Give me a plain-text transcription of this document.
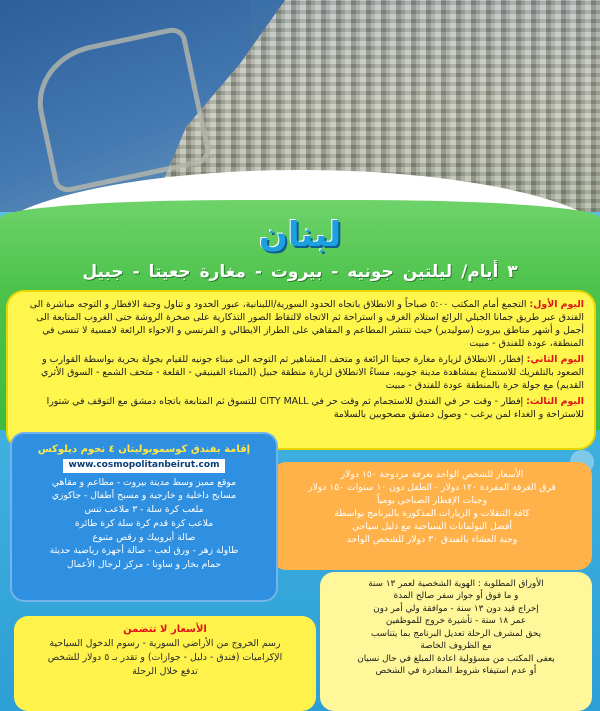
لبنان
٣ أيام/ ليلتين جونيه - بيروت - مغارة جعيتا - جبيل

اليوم الأول: التجمع أمام المكتب ٥:٠٠ صباحاً و الانطلاق باتجاه الحدود السورية/اللبنانية، عبور الحدود و تناول وجبة الافطار و التوجه مباشرة الى الفندق عبر طريق جمانا الجبلي الرائع استلام الغرف و استراحة ثم الاتجاه لالتقاط الصور التذكارية على صخرة الروشة حتى الغروب المتابعة الى أجمل و أشهر مناطق بيروت (سوليدير) حيث تنتشر المطاعم و المقاهي على الطراز الايطالي و الفرنسي و الاجواء الرائعة لامسية لا تنسى في المنطقة، عودة للفندق - مبيت

اليوم الثاني: إفطار، الانطلاق لزيارة مغارة جعيتا الرائعة و متحف المشاهير ثم التوجه الى ميناء جونيه للقيام بجولة بحرية بواسطة القوارب و الصعود بالتلفريك للاستمتاع بمشاهدة مدينة جونيه، مساءً الانطلاق لزيارة منطقة جبيل (الميناء الفينيقي - القلعة - متحف الشمع - السوق الأثري القديم) مع جولة حرة بالمنطقة عودة للفندق - مبيت

اليوم الثالث: إفطار - وقت حر في الفندق للاستجمام ثم وقت حر في CITY MALL للتسوق ثم المتابعة باتجاه دمشق مع التوقف في شتورا للاستراحة و الغداء لمن يرغب - وصول دمشق مصحوبين بالسلامة

الأسعار للشخص الواحد بغرفة مزدوجة ١٥٠ دولار
فرق الغرفة المفردة ١٢٠ دولار - الطفل دون ١٠ سنوات ١٥٠ دولار
وجبات الإفطار الصباحي يومياً
كافة التنقلات و الزيارات المذكورة بالبرنامج بواسطة
أفضل البولمانات السياحية مع دليل سياحي
وجبة العشاء بالفندق ٣٠ دولار للشخص الواحد
إقامة بفندق كوسموبوليتان ٤ نجوم ديلوكس
www.cosmopolitanbeirut.com
موقع مميز وسط مدينة بيروت - مطاعم و مقاهي
مسابح داخلية و خارجية و مسبح أطفال - جاكوزي
ملعب كرة سلة - ٣ ملاعب تنس
ملاعب كرة قدم كرة سلة كرة طائرة
صالة أيروبيك و رقص متنوع
طاولة زهر - ورق لعب - صالة أجهزة رياضية حديثة
حمام بخار و ساونا - مركز لرجال الأعمال
الأوراق المطلوبة : الهوية الشخصية لعمر ١٣ سنة
و ما فوق أو جواز سفر صالح المدة
إخراج قيد دون ١٣ سنة - موافقة ولي أمر دون
عمر ١٨ سنة - تأشيرة خروج للموظفين
يحق لمشرف الرحلة تعديل البرنامج بما يتناسب
مع الظروف الخاصة
يعفى المكتب من مسؤولية اعادة المبلغ في حال نسيان
أو عدم استيفاء شروط المغادرة في الشخص
الأسعار لا تتضمن
رسم الخروج من الأراضي السورية - رسوم الدخول السياحية
الإكراميات (فندق - دليل - جوازات) و تقدر بـ ٥ دولار للشخص
تدفع خلال الرحلة
